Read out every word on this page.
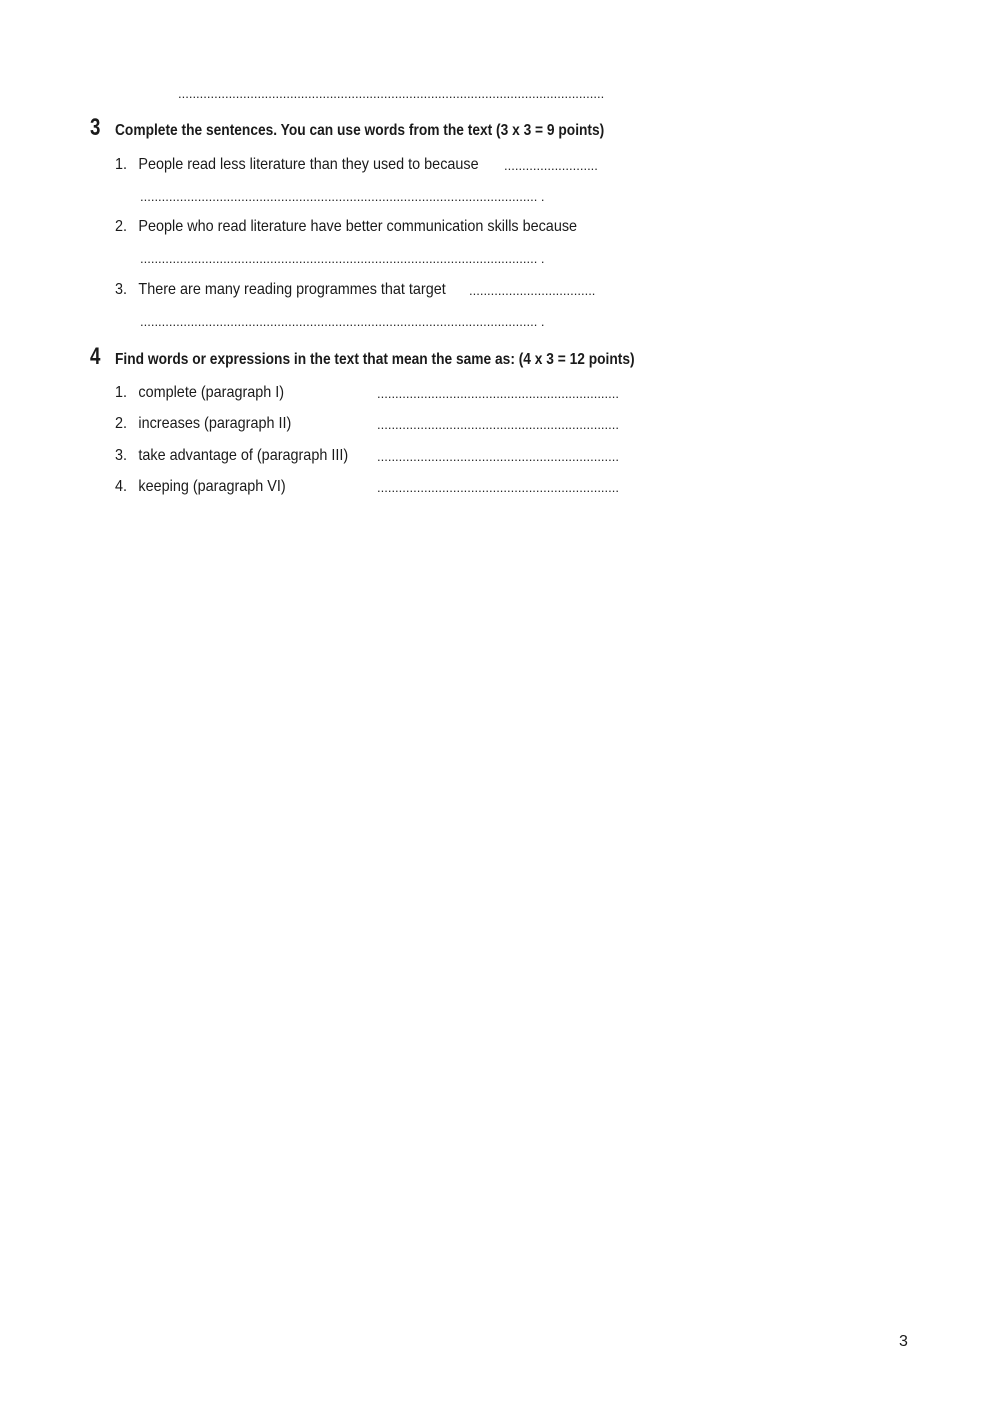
......................................................................................................................
3 Complete the sentences. You can use words from the text (3 x 3 = 9 points)
1. People read less literature than they used to because ..........................
.............................................................................................................. .
2. People who read literature have better communication skills because
.............................................................................................................. .
3. There are many reading programmes that target ...................................
.............................................................................................................. .
4 Find words or expressions in the text that mean the same as: (4 x 3 = 12 points)
1. complete (paragraph I)	...................................................................
2. increases (paragraph II)	...................................................................
3. take advantage of (paragraph III) ...................................................................
4. keeping (paragraph VI)	...................................................................
3
